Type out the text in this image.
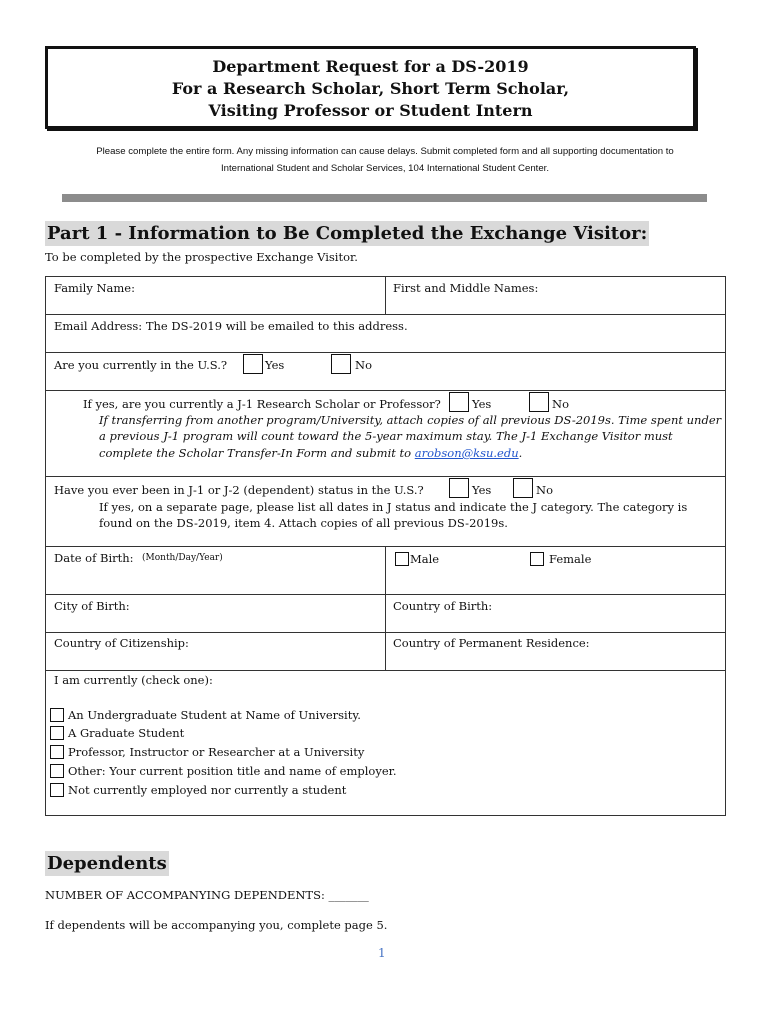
Department Request for a DS-2019
For a Research Scholar, Short Term Scholar,
Visiting Professor or Student Intern
Please complete the entire form. Any missing information can cause delays. Submit completed form and all supporting documentation to
International Student and Scholar Services, 104 International Student Center.
Part 1 - Information to Be Completed the Exchange Visitor:
To be completed by the prospective Exchange Visitor.
Family Name:	First and Middle Names:
Email Address: The DS-2019 will be emailed to this address.
Are you currently in the U.S.?	Yes	No
If yes, are you currently a J-1 Research Scholar or Professor?	Yes	No
If transferring from another program/University, attach copies of all previous DS-2019s. Time spent under
a previous J-1 program will count toward the 5-year maximum stay. The J-1 Exchange Visitor must
complete the Scholar Transfer-In Form and submit to arobson@ksu.edu.
Have you ever been in J-1 or J-2 (dependent) status in the U.S.?	Yes	No
If yes, on a separate page, please list all dates in J status and indicate the J category. The category is
found on the DS-2019, item 4. Attach copies of all previous DS-2019s.
Date of Birth: (Month/Day/Year)	Male	Female
City of Birth:	Country of Birth:
Country of Citizenship:	Country of Permanent Residence:
I am currently (check one):
An Undergraduate Student at Name of University.
A Graduate Student
Professor, Instructor or Researcher at a University
Other: Your current position title and name of employer.
Not currently employed nor currently a student
Dependents
NUMBER OF ACCOMPANYING DEPENDENTS: _______
If dependents will be accompanying you, complete page 5.
1
